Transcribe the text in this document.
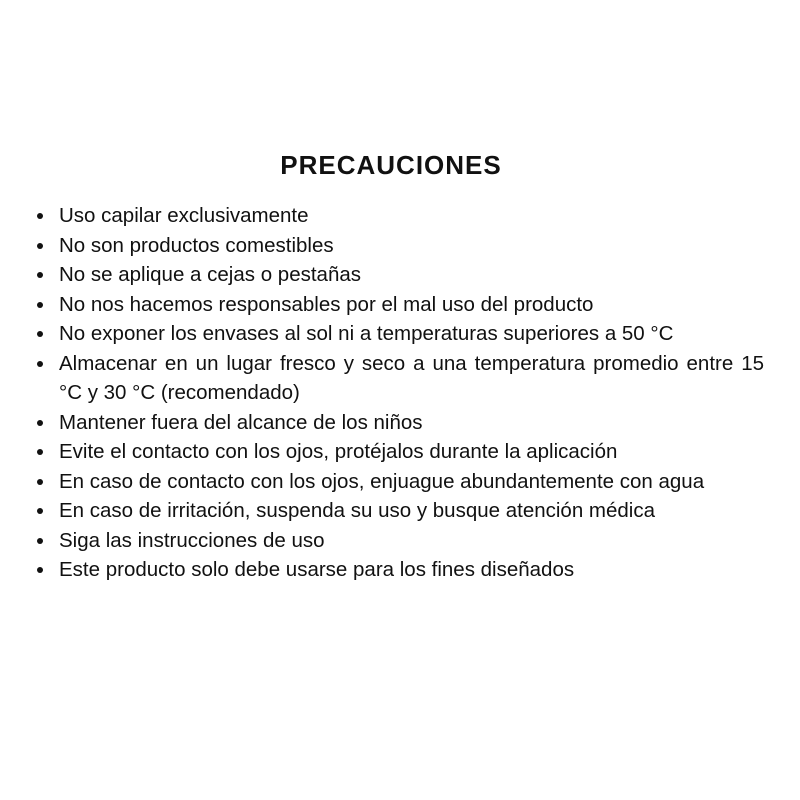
PRECAUCIONES
Uso capilar exclusivamente
No son productos comestibles
No se aplique a cejas o pestañas
No nos hacemos responsables por el mal uso del producto
No exponer los envases al sol ni a temperaturas superiores a 50 °C
Almacenar en un lugar fresco y seco a una temperatura promedio entre 15 °C y 30 °C (recomendado)
Mantener fuera del alcance de los niños
Evite el contacto con los ojos, protéjalos durante la aplicación
En caso de contacto con los ojos, enjuague abundantemente con agua
En caso de irritación, suspenda su uso y busque atención médica
Siga las instrucciones de uso
Este producto solo debe usarse para los fines diseñados
